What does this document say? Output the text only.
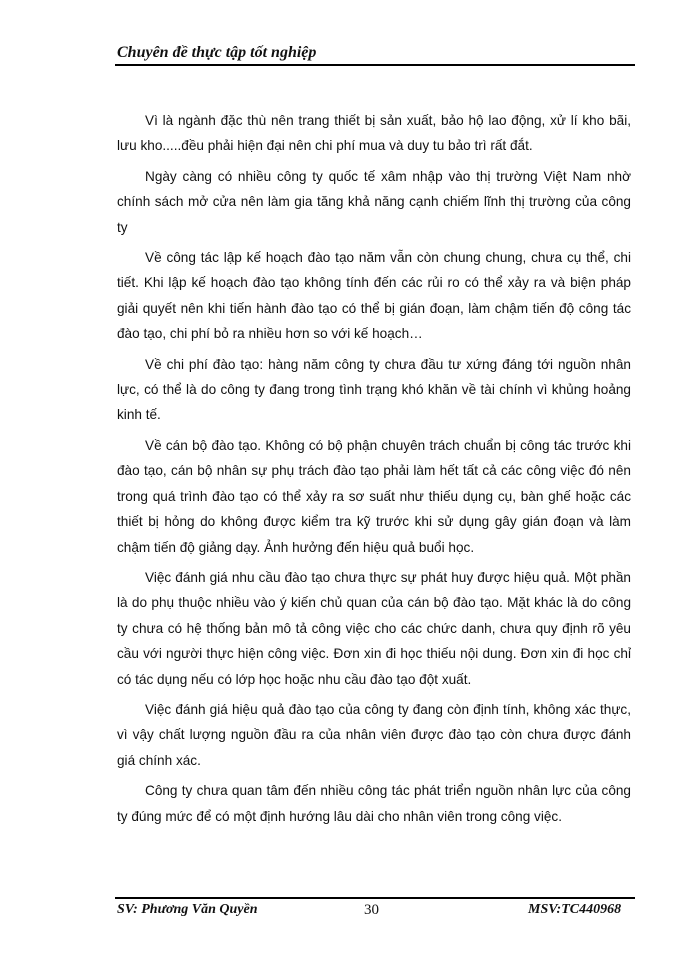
Chuyên đề thực tập tốt nghiệp

Vì là ngành đặc thù nên trang thiết bị sản xuất, bảo hộ lao động, xử lí kho bãi, lưu kho.....đều phải hiện đại nên chi phí mua và duy tu bảo trì rất đắt.

Ngày càng có nhiều công ty quốc tế xâm nhập vào thị trường Việt Nam nhờ chính sách mở cửa nên làm gia tăng khả năng cạnh chiếm lĩnh thị trường của công ty

Về công tác lập kế hoạch đào tạo năm vẫn còn chung chung, chưa cụ thể, chi tiết. Khi lập kế hoạch đào tạo không tính đến các rủi ro có thể xảy ra và biện pháp giải quyết nên khi tiến hành đào tạo có thể bị gián đoạn, làm chậm tiến độ công tác đào tạo, chi phí bỏ ra nhiều hơn so với kế hoạch…

Về chi phí đào tạo: hàng năm công ty chưa đầu tư xứng đáng tới nguồn nhân lực, có thể là do công ty đang trong tình trạng khó khăn về tài chính vì khủng hoảng kinh tế.

Về cán bộ đào tạo. Không có bộ phận chuyên trách chuẩn bị công tác trước khi đào tạo, cán bộ nhân sự phụ trách đào tạo phải làm hết tất cả các công việc đó nên trong quá trình đào tạo có thể xảy ra sơ suất như thiếu dụng cụ, bàn ghế hoặc các thiết bị hỏng do không được kiểm tra kỹ trước khi sử dụng gây gián đoạn và làm chậm tiến độ giảng dạy. Ảnh hưởng đến hiệu quả buổi học.

Việc đánh giá nhu cầu đào tạo chưa thực sự phát huy được hiệu quả. Một phần là do phụ thuộc nhiều vào ý kiến chủ quan của cán bộ đào tạo. Mặt khác là do công ty chưa có hệ thống bản mô tả công việc cho các chức danh, chưa quy định rõ yêu cầu với người thực hiện công việc. Đơn xin đi học thiếu nội dung. Đơn xin đi học chỉ có tác dụng nếu có lớp học hoặc nhu cầu đào tạo đột xuất.

Việc đánh giá hiệu quả đào tạo của công ty đang còn định tính, không xác thực, vì vậy chất lượng nguồn đầu ra của nhân viên được đào tạo còn chưa được đánh giá chính xác.

Công ty chưa quan tâm đến nhiều công tác phát triển nguồn nhân lực của công ty đúng mức để có một định hướng lâu dài cho nhân viên trong công việc.

SV: Phương Văn Quyền	30	MSV:TC440968
